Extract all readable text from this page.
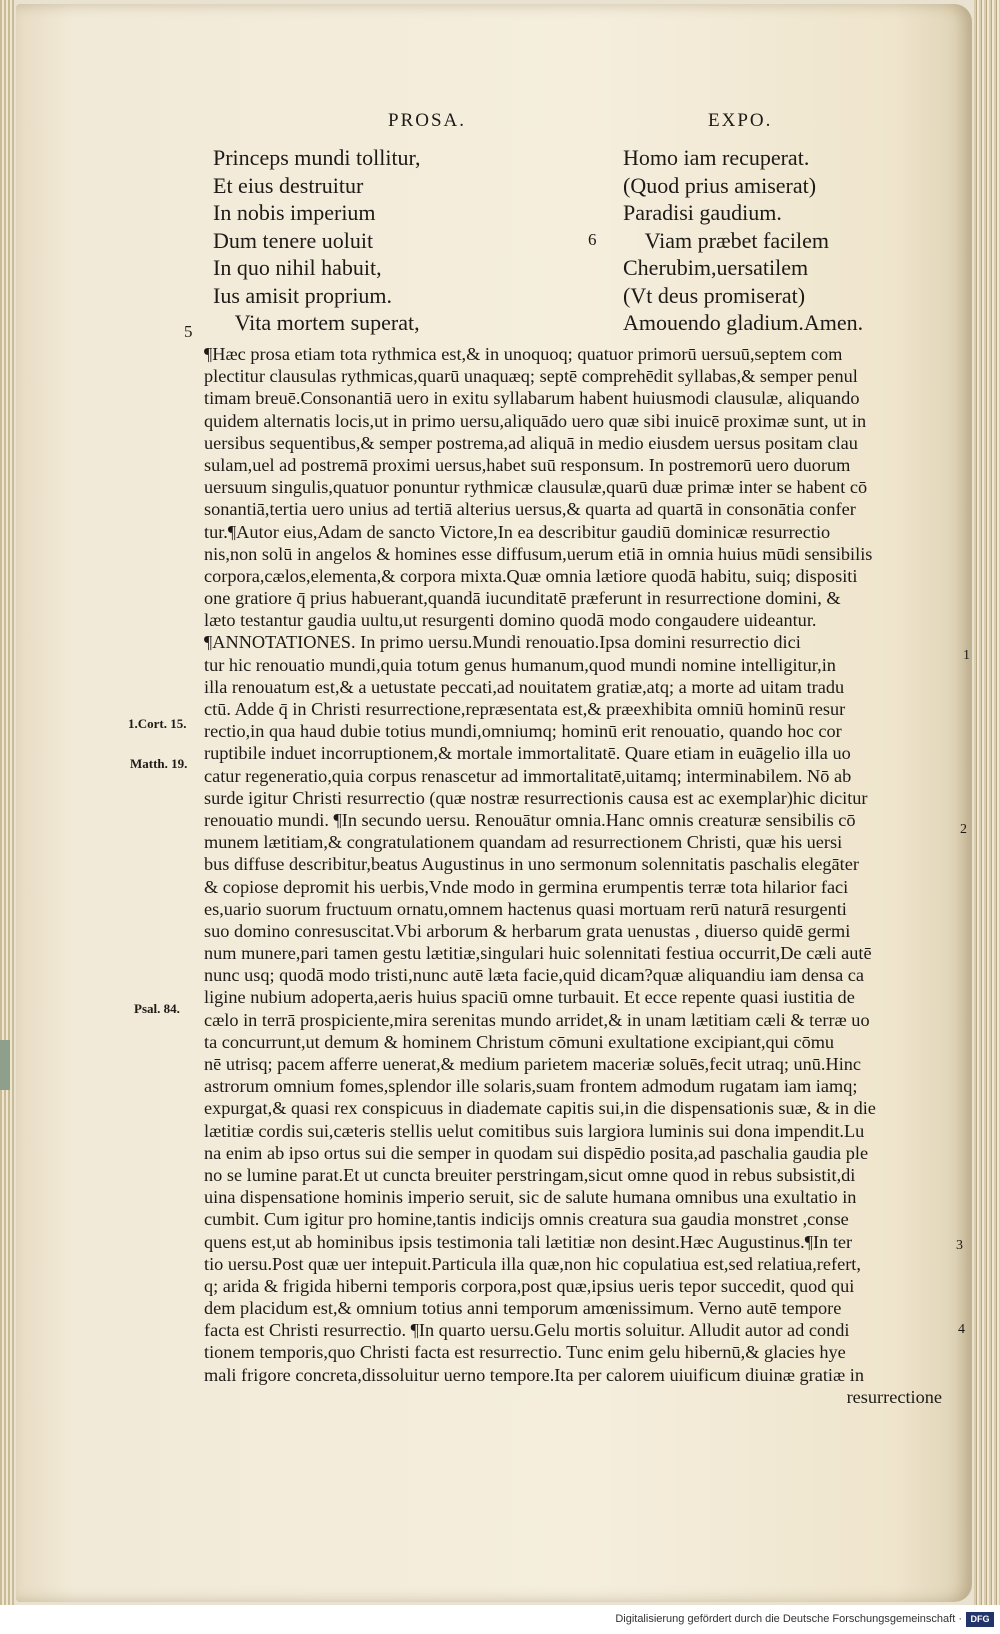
PROSA.	EXPO.
Princeps mundi tollitur,
Et eius destruitur
In nobis imperium
Dum tenere uoluit
In quo nihil habuit,
Ius amisit proprium.
Vita mortem superat,
5
Homo iam recuperat.
(Quod prius amiserat)
Paradisi gaudium.
Viam præbet facilem
Cherubim,uersatilem
(Vt deus promiserat)
Amouendo gladium.Amen.
6
¶Hæc prosa etiam tota rythmica est,& in unoquoq; quatuor primorū uersuū,septem com
plectitur clausulas rythmicas,quarū unaquæq; septē comprehēdit syllabas,& semper penul
timam breuē.Consonantiā uero in exitu syllabarum habent huiusmodi clausulæ, aliquando
quidem alternatis locis,ut in primo uersu,aliquādo uero quæ sibi inuicē proximæ sunt, ut in
uersibus sequentibus,& semper postrema,ad aliquā in medio eiusdem uersus positam clau
sulam,uel ad postremā proximi uersus,habet suū responsum. In postremorū uero duorum
uersuum singulis,quatuor ponuntur rythmicæ clausulæ,quarū duæ primæ inter se habent cō
sonantiā,tertia uero unius ad tertiā alterius uersus,& quarta ad quartā in consonātia confer
tur.¶Autor eius,Adam de sancto Victore,In ea describitur gaudiū dominicæ resurrectio
nis,non solū in angelos & homines esse diffusum,uerum etiā in omnia huius mūdi sensibilis
corpora,cælos,elementa,& corpora mixta.Quæ omnia lætiore quodā habitu, suiq; dispositi
one gratiore q̄ prius habuerant,quandā iucunditatē præferunt in resurrectione domini, &
læto testantur gaudia uultu,ut resurgenti domino quodā modo congaudere uideantur.
¶ANNOTATIONES. In primo uersu.Mundi renouatio.Ipsa domini resurrectio dici
tur hic renouatio mundi,quia totum genus humanum,quod mundi nomine intelligitur,in
illa renouatum est,& a uetustate peccati,ad nouitatem gratiæ,atq; a morte ad uitam tradu
ctū. Adde q̄ in Christi resurrectione,repræsentata est,& præexhibita omniū hominū resur
rectio,in qua haud dubie totius mundi,omniumq; hominū erit renouatio, quando hoc cor
ruptibile induet incorruptionem,& mortale immortalitatē. Quare etiam in euāgelio illa uo
catur regeneratio,quia corpus renascetur ad immortalitatē,uitamq; interminabilem. Nō ab
surde igitur Christi resurrectio (quæ nostræ resurrectionis causa est ac exemplar)hic dicitur
renouatio mundi. ¶In secundo uersu. Renouātur omnia.Hanc omnis creaturæ sensibilis cō
munem lætitiam,& congratulationem quandam ad resurrectionem Christi, quæ his uersi
bus diffuse describitur,beatus Augustinus in uno sermonum solennitatis paschalis elegāter
& copiose depromit his uerbis,Vnde modo in germina erumpentis terræ tota hilarior faci
es,uario suorum fructuum ornatu,omnem hactenus quasi mortuam rerū naturā resurgenti
suo domino conresuscitat.Vbi arborum & herbarum grata uenustas , diuerso quidē germi
num munere,pari tamen gestu lætitiæ,singulari huic solennitati festiua occurrit,De cæli autē
nunc usq; quodā modo tristi,nunc autē læta facie,quid dicam?quæ aliquandiu iam densa ca
ligine nubium adoperta,aeris huius spaciū omne turbauit. Et ecce repente quasi iustitia de
cælo in terrā prospiciente,mira serenitas mundo arridet,& in unam lætitiam cæli & terræ uo
ta concurrunt,ut demum & hominem Christum cōmuni exultatione excipiant,qui cōmu
nē utrisq; pacem afferre uenerat,& medium parietem maceriæ soluēs,fecit utraq; unū.Hinc
astrorum omnium fomes,splendor ille solaris,suam frontem admodum rugatam iam iamq;
expurgat,& quasi rex conspicuus in diademate capitis sui,in die dispensationis suæ, & in die
lætitiæ cordis sui,cæteris stellis uelut comitibus suis largiora luminis sui dona impendit.Lu
na enim ab ipso ortus sui die semper in quodam sui dispēdio posita,ad paschalia gaudia ple
no se lumine parat.Et ut cuncta breuiter perstringam,sicut omne quod in rebus subsistit,di
uina dispensatione hominis imperio seruit, sic de salute humana omnibus una exultatio in
cumbit. Cum igitur pro homine,tantis indicijs omnis creatura sua gaudia monstret ,conse
quens est,ut ab hominibus ipsis testimonia tali lætitiæ non desint.Hæc Augustinus.¶In ter
tio uersu.Post quæ uer intepuit.Particula illa quæ,non hic copulatiua est,sed relatiua,refert,
q; arida & frigida hiberni temporis corpora,post quæ,ipsius ueris tepor succedit, quod qui
dem placidum est,& omnium totius anni temporum amœnissimum. Verno autē tempore
facta est Christi resurrectio. ¶In quarto uersu.Gelu mortis soluitur. Alludit autor ad condi
tionem temporis,quo Christi facta est resurrectio. Tunc enim gelu hibernū,& glacies hye
mali frigore concreta,dissoluitur uerno tempore.Ita per calorem uiuificum diuinæ gratiæ in
resurrectione
1.Cort. 15.
Matth. 19.
Psal. 84.
1
2
3
4
Digitalisierung gefördert durch die Deutsche Forschungsgemeinschaft · DFG
